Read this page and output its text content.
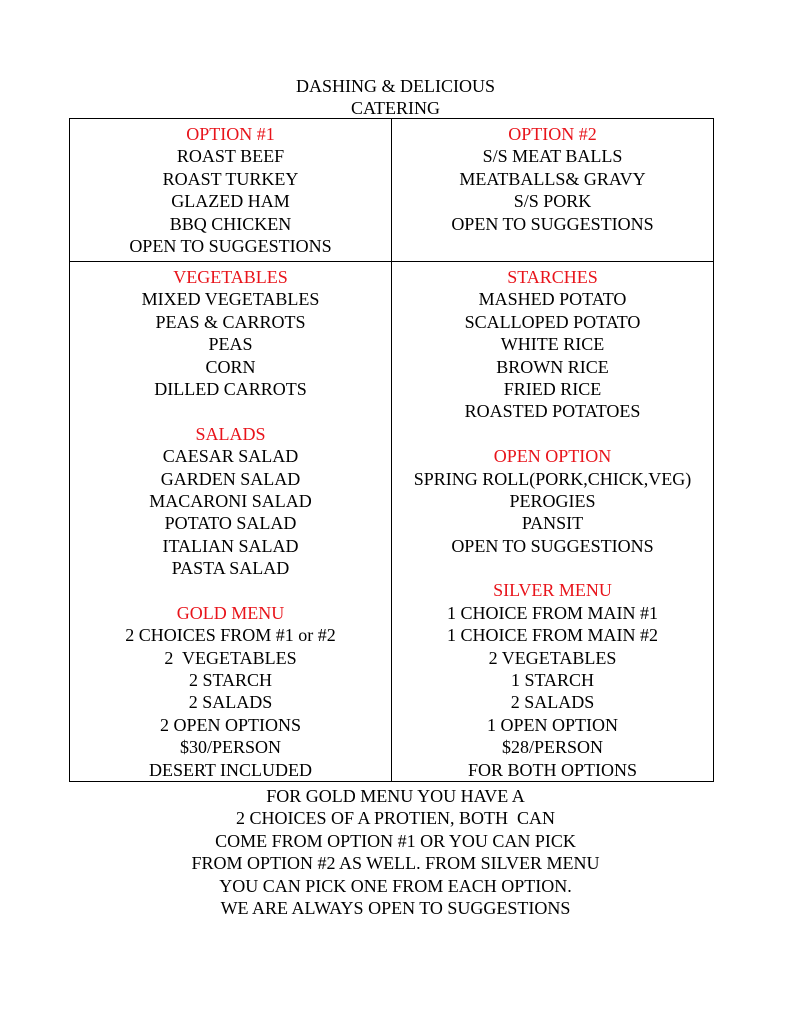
DASHING & DELICIOUS
CATERING
OPTION #1
ROAST BEEF
ROAST TURKEY
GLAZED HAM
BBQ CHICKEN
OPEN TO SUGGESTIONS
OPTION #2
S/S MEAT BALLS
MEATBALLS& GRAVY
S/S PORK
OPEN TO SUGGESTIONS
VEGETABLES
MIXED VEGETABLES
PEAS & CARROTS
PEAS
CORN
DILLED CARROTS
SALADS
CAESAR SALAD
GARDEN SALAD
MACARONI SALAD
POTATO SALAD
ITALIAN SALAD
PASTA SALAD
GOLD MENU
2 CHOICES FROM #1 or #2
2  VEGETABLES
2 STARCH
2 SALADS
2 OPEN OPTIONS
$30/PERSON
DESERT INCLUDED
STARCHES
MASHED POTATO
SCALLOPED POTATO
WHITE RICE
BROWN RICE
FRIED RICE
ROASTED POTATOES
OPEN OPTION
SPRING ROLL(PORK,CHICK,VEG)
PEROGIES
PANSIT
OPEN TO SUGGESTIONS
SILVER MENU
1 CHOICE FROM MAIN #1
1 CHOICE FROM MAIN #2
2 VEGETABLES
1 STARCH
2 SALADS
1 OPEN OPTION
$28/PERSON
FOR BOTH OPTIONS
FOR GOLD MENU YOU HAVE A
2 CHOICES OF A PROTIEN, BOTH  CAN
COME FROM OPTION #1 OR YOU CAN PICK
FROM OPTION #2 AS WELL. FROM SILVER MENU
YOU CAN PICK ONE FROM EACH OPTION.
WE ARE ALWAYS OPEN TO SUGGESTIONS
